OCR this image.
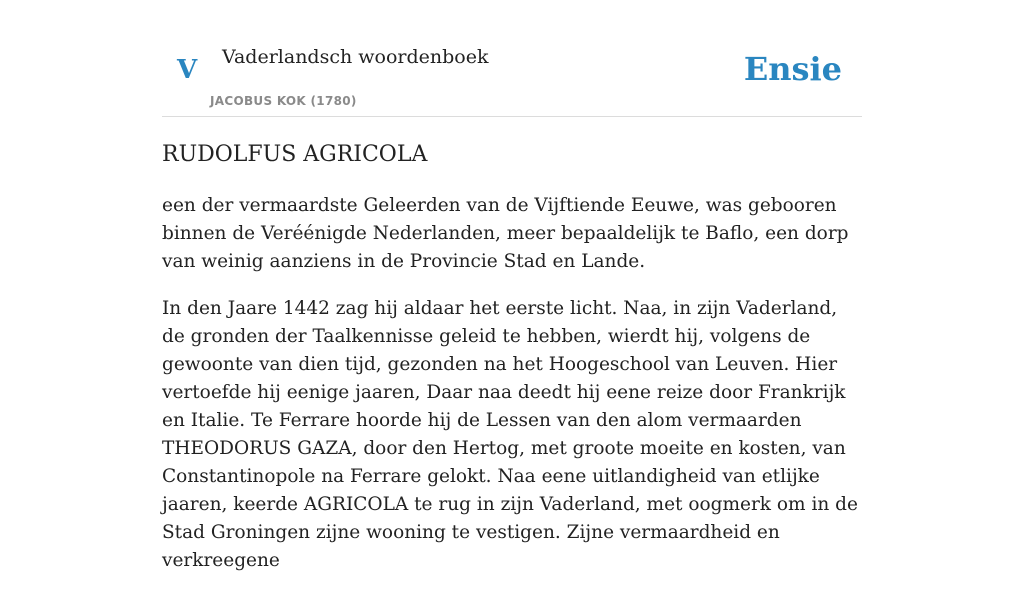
V Vaderlandsch woordenboek
JACOBUS KOK (1780)
Ensie
RUDOLFUS AGRICOLA

een der vermaardste Geleerden van de Vijftiende Eeuwe, was gebooren binnen de Veréénigde Nederlanden, meer bepaaldelijk te Baflo, een dorp van weinig aanziens in de Provincie Stad en Lande.

In den Jaare 1442 zag hij aldaar het eerste licht. Naa, in zijn Vaderland, de gronden der Taalkennisse geleid te hebben, wierdt hij, volgens de gewoonte van dien tijd, gezonden na het Hoogeschool van Leuven. Hier vertoefde hij eenige jaaren, Daar naa deedt hij eene reize door Frankrijk en Italie. Te Ferrare hoorde hij de Lessen van den alom vermaarden THEODORUS GAZA, door den Hertog, met groote moeite en kosten, van Constantinopole na Ferrare gelokt. Naa eene uitlandigheid van etlijke jaaren, keerde AGRICOLA te rug in zijn Vaderland, met oogmerk om in de Stad Groningen zijne wooning te vestigen. Zijne vermaardheid en verkreegene
